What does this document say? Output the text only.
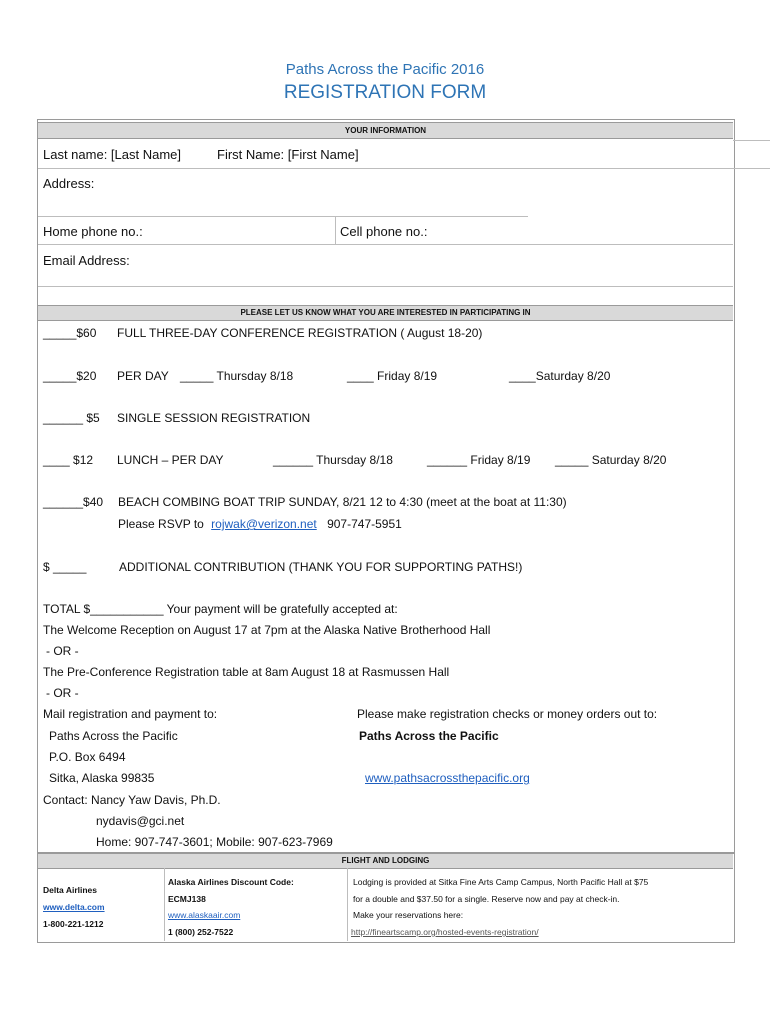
Paths Across the Pacific 2016
REGISTRATION FORM
YOUR INFORMATION
Last name: [Last Name]	First Name: [First Name]
Address:
Home phone no.:	Cell phone no.:
Email Address:
PLEASE LET US KNOW WHAT YOU ARE INTERESTED IN PARTICIPATING IN
_____$60 FULL THREE-DAY CONFERENCE REGISTRATION ( August 18-20)
_____$20 PER DAY _____ Thursday 8/18	____ Friday 8/19	____Saturday 8/20
______ $5 SINGLE SESSION REGISTRATION
____ $12 LUNCH – PER DAY	______ Thursday 8/18	______ Friday 8/19 _____ Saturday 8/20
______$40 BEACH COMBING BOAT TRIP SUNDAY, 8/21 12 to 4:30 (meet at the boat at 11:30)
Please RSVP to rojwak@verizon.net 907-747-5951
$ _____	ADDITIONAL CONTRIBUTION (THANK YOU FOR SUPPORTING PATHS!)
TOTAL $___________ Your payment will be gratefully accepted at:
The Welcome Reception on August 17 at 7pm at the Alaska Native Brotherhood Hall
- OR -
The Pre-Conference Registration table at 8am August 18 at Rasmussen Hall
- OR -
Mail registration and payment to:
Paths Across the Pacific
P.O. Box 6494
Sitka, Alaska 99835
Please make registration checks or money orders out to:
Paths Across the Pacific
www.pathsacrossthepacific.org
Contact: Nancy Yaw Davis, Ph.D.
nydavis@gci.net
Home: 907-747-3601; Mobile: 907-623-7969
FLIGHT AND LODGING
Delta Airlines
www.delta.com
1-800-221-1212
Alaska Airlines Discount Code:
ECMJ138
www.alaskaair.com
1 (800) 252-7522
Lodging is provided at Sitka Fine Arts Camp Campus, North Pacific Hall at $75
for a double and $37.50 for a single. Reserve now and pay at check-in.
Make your reservations here:
http://fineartscamp.org/hosted-events-registration/
